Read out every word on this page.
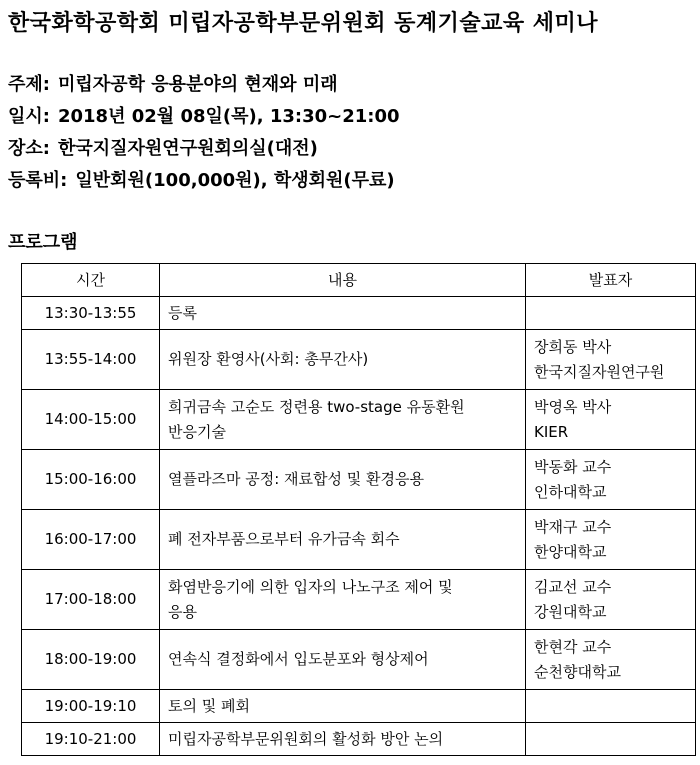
한국화학공학회 미립자공학부문위원회 동계기술교육 세미나
주제: 미립자공학 응용분야의 현재와 미래
일시: 2018년 02월 08일(목), 13:30~21:00
장소: 한국지질자원연구원회의실(대전)
등록비: 일반회원(100,000원), 학생회원(무료)
프로그램
시간	내용	발표자
13:30-13:55	등록	

13:55-14:00	위원장 환영사(사회: 총무간사)	장희동 박사
한국지질자원연구원

14:00-15:00	희귀금속 고순도 정련용 two-stage 유동환원
반응기술	박영옥 박사
KIER

15:00-16:00	열플라즈마 공정: 재료합성 및 환경응용	박동화 교수
인하대학교

16:00-17:00	폐 전자부품으로부터 유가금속 회수	박재구 교수
한양대학교

17:00-18:00	화염반응기에 의한 입자의 나노구조 제어 및
응용	김교선 교수
강원대학교

18:00-19:00	연속식 결정화에서 입도분포와 형상제어	한현각 교수
순천향대학교

19:00-19:10	토의 및 폐회	

19:10-21:00	미립자공학부문위원회의 활성화 방안 논의	
